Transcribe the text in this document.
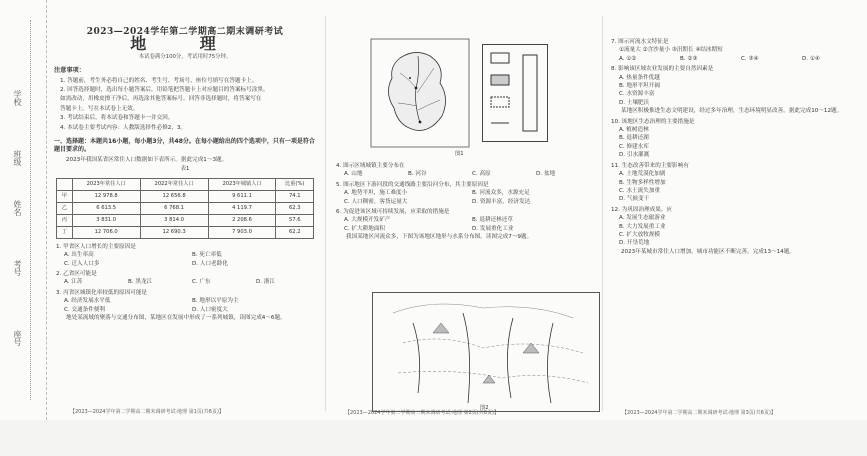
学校
班级
姓名
考号
座号
2023—2024学年第二学期高二期末调研考试
地 理
本试卷满分100分，考试用时75分钟。
注意事项：

1. 答题前，考生务必将自己的姓名、考生号、考场号、座位号填写在答题卡上。

2. 回答选择题时，选出每小题答案后，用铅笔把答题卡上对应题目的答案标号涂黑。

如需改动，用橡皮擦干净后，再选涂其他答案标号。回答非选择题时，将答案写在

答题卡上。写在本试卷上无效。

3. 考试结束后，将本试卷和答题卡一并交回。

4. 本试卷主要考试内容：人教版选择性必修2、3。

一、选择题：本题共16小题，每小题3分，共48分。在每小题给出的四个选项中，只有一项是符合题目要求的。
2023年我国某省区常住人口数据如下表所示。据此完成1～3题。
表1
	2023年常住人口	2022年常住人口	2023年城镇人口	比重(%)
甲	12 978.8	12 656.8	9 611.1	74.1
乙	6 613.5	6 768.1	4 119.7	62.3
丙	3 831.0	3 814.0	2 208.6	57.6
丁	12 706.0	12 690.3	7 903.0	62.2
1. 甲省区人口增长的主要原因是
A. 出生率高	B. 死亡率低
C. 迁入人口多	D. 人口老龄化
2. 乙省区可能是
A. 江苏	B. 黑龙江	C. 广东	D. 浙江
3. 丙省区城镇化率较低的原因可能是
A. 经济发展水平低	B. 地形以平原为主
C. 交通条件便利	D. 人口密度大
地处某流域的聚落与交通分布图，某地区在发展中形成了一系列城镇，读图完成4～6题。
【2023—2024学年第二学期高二期末调研考试·地理 第1页(共6页)】
图1
4. 图示区域城镇主要分布在
A. 山地	B. 河谷	C. 高原	D. 盆地
5. 图示地区下游河段的交通线路主要沿河分布，其主要原因是
A. 地势平坦，施工难度小	B. 河流众多，水源充足
C. 人口稠密，客货运量大	D. 资源丰富，经济发达
6. 为促进该区域可持续发展，应采取的措施是
A. 大规模开发矿产	B. 退耕还林还草
C. 扩大耕地面积	D. 发展重化工业
我国某地区河流众多，下图为该地区地形与水系分布图。读图完成7～9题。
图2
【2023—2024学年第二学期高二期末调研考试·地理 第2页(共6页)】
7. 图示河流水文特征是
①流量大 ②含沙量小 ③汛期长 ④结冰期短
A. ①②	B. ②③	C. ③④	D. ①④
8. 影响该区域农业发展的主要自然因素是
A. 热量条件优越
B. 地形平坦开阔
C. 水资源丰富
D. 土壤肥沃
某地区积极推进生态文明建设，经过多年治理，生态环境明显改善。据此完成10～12题。
10. 该地区生态治理的主要措施是
A. 植树造林
B. 退耕还湖
C. 修建水库
D. 引水灌溉
11. 生态改善带来的主要影响有
A. 土地荒漠化加剧
B. 生物多样性增加
C. 水土流失加重
D. 气候变干
12. 为巩固治理成果，应
A. 发展生态旅游业
B. 大力发展重工业
C. 扩大放牧规模
D. 开垦荒地
2023年某城市常住人口增加，城市功能区不断完善。完成13～14题。
【2023—2024学年第二学期高二期末调研考试·地理 第3页(共6页)】
